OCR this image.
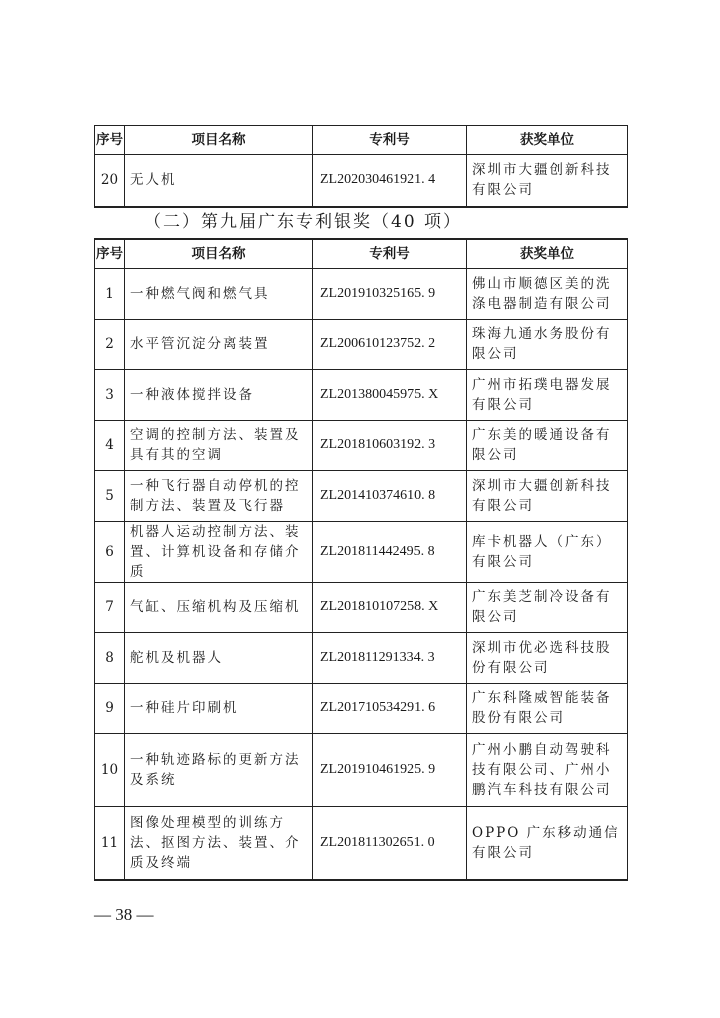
序号	项目名称	专利号	获奖单位
20	无人机	ZL202030461921. 4	深圳市大疆创新科技有限公司
（二）第九届广东专利银奖（40 项）
序号	项目名称	专利号	获奖单位
1	一种燃气阀和燃气具	ZL201910325165. 9	佛山市顺德区美的洗涤电器制造有限公司
2	水平管沉淀分离装置	ZL200610123752. 2	珠海九通水务股份有限公司
3	一种液体搅拌设备	ZL201380045975. X	广州市拓璞电器发展有限公司
4	空调的控制方法、装置及具有其的空调	ZL201810603192. 3	广东美的暖通设备有限公司
5	一种飞行器自动停机的控制方法、装置及飞行器	ZL201410374610. 8	深圳市大疆创新科技有限公司
6	机器人运动控制方法、装置、计算机设备和存储介质	ZL201811442495. 8	库卡机器人（广东）有限公司
7	气缸、压缩机构及压缩机	ZL201810107258. X	广东美芝制冷设备有限公司
8	舵机及机器人	ZL201811291334. 3	深圳市优必选科技股份有限公司
9	一种硅片印刷机	ZL201710534291. 6	广东科隆威智能装备股份有限公司
10	一种轨迹路标的更新方法及系统	ZL201910461925. 9	广州小鹏自动驾驶科技有限公司、广州小鹏汽车科技有限公司
11	图像处理模型的训练方法、抠图方法、装置、介质及终端	ZL201811302651. 0	OPPO 广东移动通信有限公司
— 38 —
